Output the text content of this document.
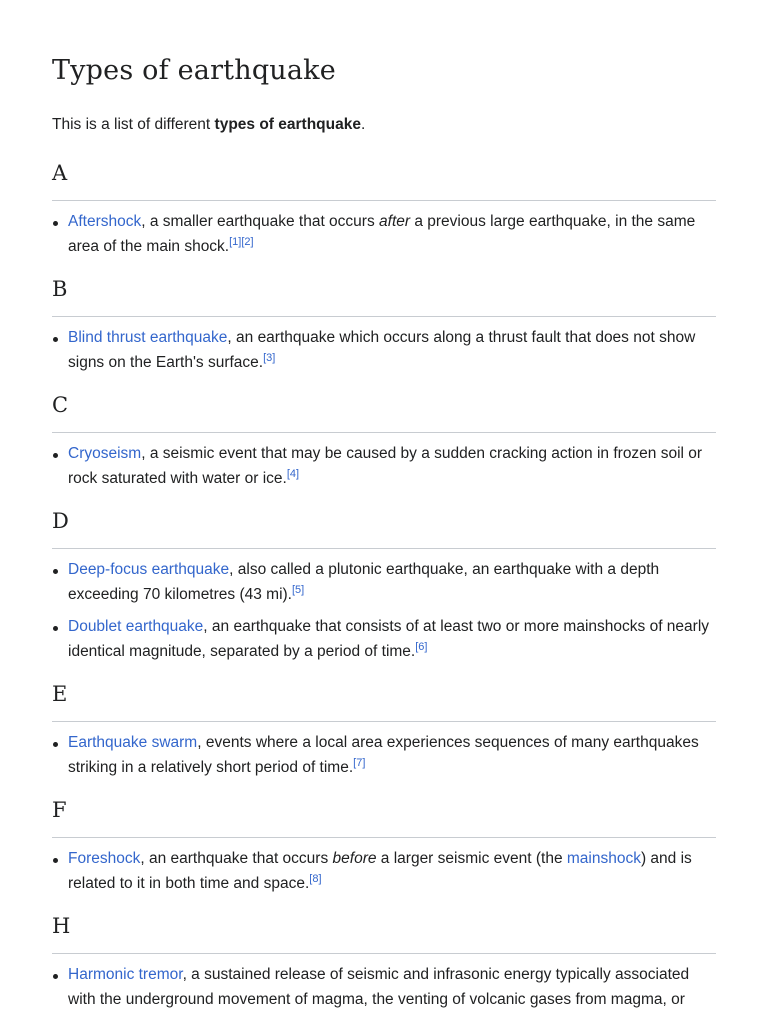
Types of earthquake

This is a list of different types of earthquake.

A
Aftershock, a smaller earthquake that occurs after a previous large earthquake, in the same area of the main shock.[1][2]
B
Blind thrust earthquake, an earthquake which occurs along a thrust fault that does not show signs on the Earth's surface.[3]
C
Cryoseism, a seismic event that may be caused by a sudden cracking action in frozen soil or rock saturated with water or ice.[4]
D
Deep-focus earthquake, also called a plutonic earthquake, an earthquake with a depth exceeding 70 kilometres (43 mi).[5]
Doublet earthquake, an earthquake that consists of at least two or more mainshocks of nearly identical magnitude, separated by a period of time.[6]
E
Earthquake swarm, events where a local area experiences sequences of many earthquakes striking in a relatively short period of time.[7]
F
Foreshock, an earthquake that occurs before a larger seismic event (the mainshock) and is related to it in both time and space.[8]
H
Harmonic tremor, a sustained release of seismic and infrasonic energy typically associated with the underground movement of magma, the venting of volcanic gases from magma, or
